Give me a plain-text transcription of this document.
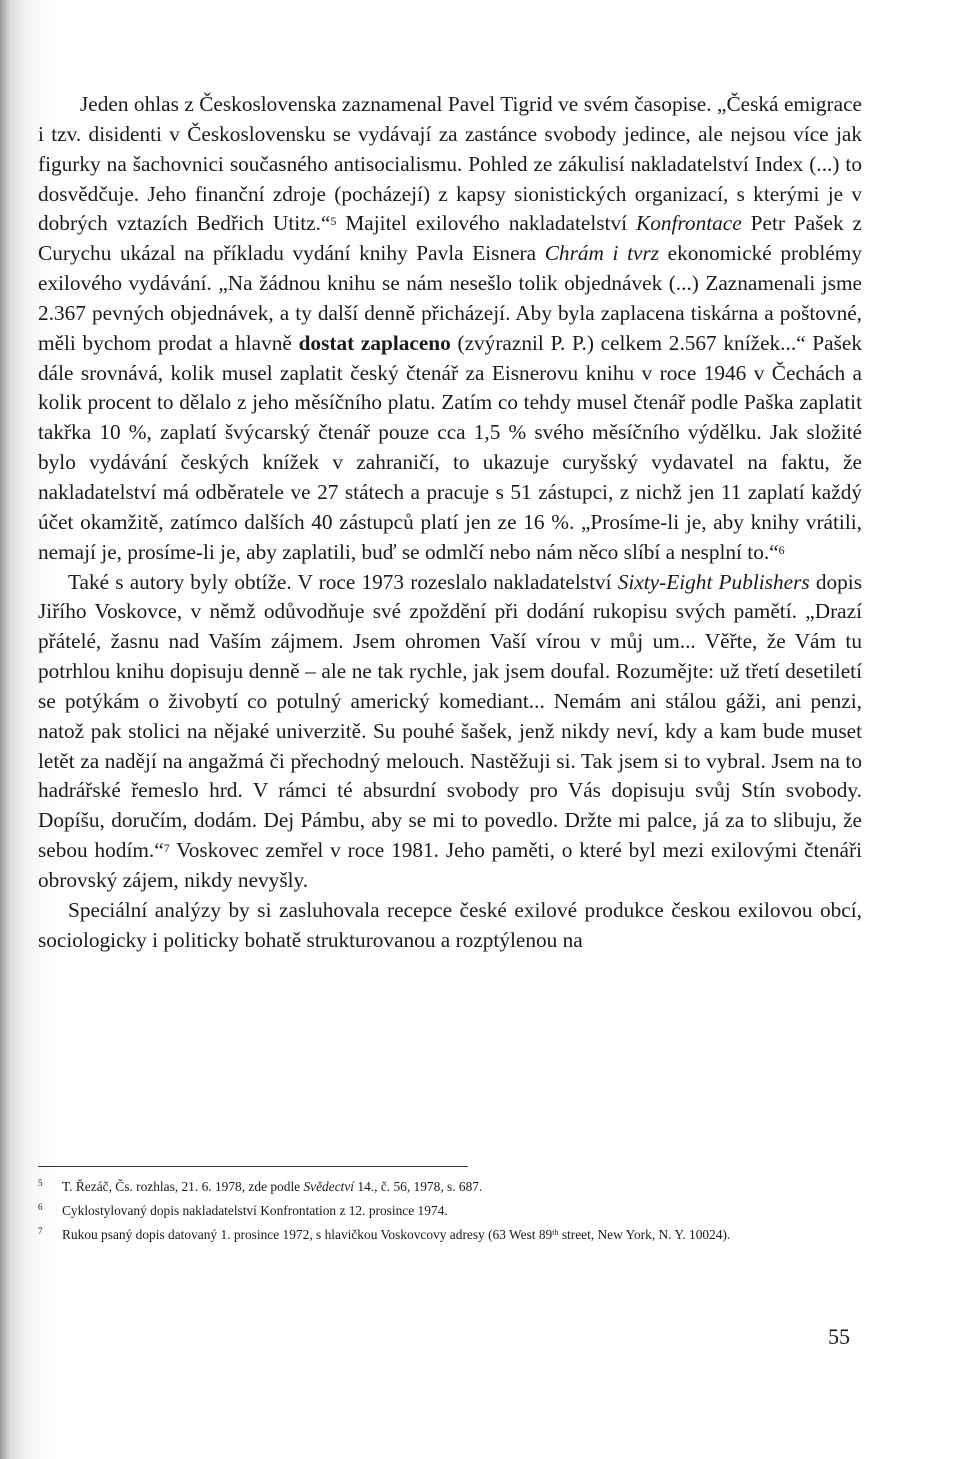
Jeden ohlas z Československa zaznamenal Pavel Tigrid ve svém časopise. „Česká emigrace i tzv. disidenti v Československu se vydávají za zastánce svobody jedince, ale nejsou více jak figurky na šachovnici současného antisocialismu. Pohled ze zákulisí nakladatelství Index (...) to dosvědčuje. Jeho finanční zdroje (pocházejí) z kapsy sionistických organizací, s kterými je v dobrých vztazích Bedřich Utitz.“$^5$ Majitel exilového nakladatelství Konfrontace Petr Pašek z Curychu ukázal na příkladu vydání knihy Pavla Eisnera Chrám i tvrz ekonomické problémy exilového vydávání. „Na žádnou knihu se nám nesešlo tolik objednávek (...) Zaznamenali jsme 2.367 pevných objednávek, a ty další denně přicházejí. Aby byla zaplacena tiskárna a poštovné, měli bychom prodat a hlavně dostat zaplaceno (zvýraznil P. P.) celkem 2.567 knížek...“ Pašek dále srovnává, kolik musel zaplatit český čtenář za Eisnerovu knihu v roce 1946 v Čechách a kolik procent to dělalo z jeho měsíčního platu. Zatím co tehdy musel čtenář podle Paška zaplatit takřka 10 %, zaplatí švýcarský čtenář pouze cca 1,5 % svého měsíčního výdělku. Jak složité bylo vydávání českých knížek v zahraničí, to ukazuje curyšský vydavatel na faktu, že nakladatelství má odběratele ve 27 státech a pracuje s 51 zástupci, z nichž jen 11 zaplatí každý účet okamžitě, zatímco dalších 40 zástupců platí jen ze 16 %. „Prosíme-li je, aby knihy vrátili, nemají je, prosíme-li je, aby zaplatili, buď se odmlčí nebo nám něco slíbí a nesplní to.“$^6$

Také s autory byly obtíže. V roce 1973 rozeslalo nakladatelství Sixty-Eight Publishers dopis Jiřího Voskovce, v němž odůvodňuje své zpoždění při dodání rukopisu svých pamětí. „Drazí přátelé, žasnu nad Vaším zájmem. Jsem ohromen Vaší vírou v můj um... Věřte, že Vám tu potrhlou knihu dopisuju denně – ale ne tak rychle, jak jsem doufal. Rozumějte: už třetí desetiletí se potýkám o živobytí co potulný americký komediant... Nemám ani stálou gáži, ani penzi, natož pak stolici na nějaké univerzitě. Su pouhé šašek, jenž nikdy neví, kdy a kam bude muset letět za nadějí na angažmá či přechodný melouch. Nastěžuji si. Tak jsem si to vybral. Jsem na to hadrářské řemeslo hrd. V rámci té absurdní svobody pro Vás dopisuju svůj Stín svobody. Dopíšu, doručím, dodám. Dej Pámbu, aby se mi to povedlo. Držte mi palce, já za to slibuju, že sebou hodím.“$^7$ Voskovec zemřel v roce 1981. Jeho paměti, o které byl mezi exilovými čtenáři obrovský zájem, nikdy nevyšly.

Speciální analýzy by si zasluhovala recepce české exilové produkce českou exilovou obcí, sociologicky i politicky bohatě strukturovanou a rozptýlenou na

5 T. Řezáč, Čs. rozhlas, 21. 6. 1978, zde podle Svědectví 14., č. 56, 1978, s. 687.

6 Cyklostylovaný dopis nakladatelství Konfrontation z 12. prosince 1974.

7 Rukou psaný dopis datovaný 1. prosince 1972, s hlavičkou Voskovcovy adresy (63 West 89th street, New York, N. Y. 10024).

55
